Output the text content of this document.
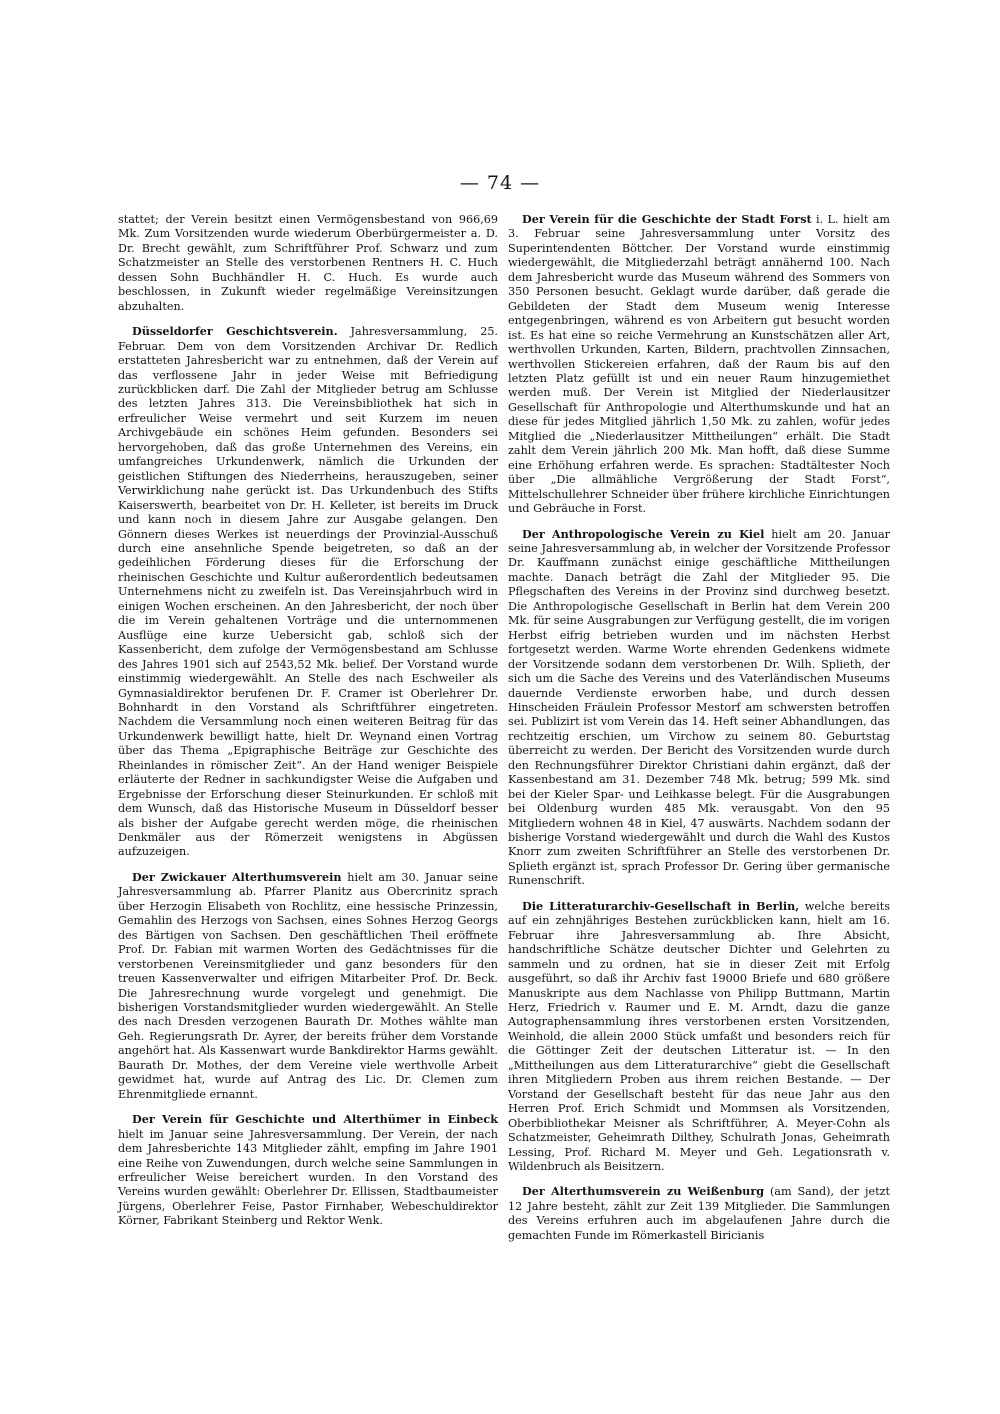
— 74 —

stattet; der Verein besitzt einen Vermögensbestand von 966,69 Mk. Zum Vorsitzenden wurde wiederum Oberbürgermeister a. D. Dr. Brecht gewählt, zum Schriftführer Prof. Schwarz und zum Schatzmeister an Stelle des verstorbenen Rentners H. C. Huch dessen Sohn Buchhändler H. C. Huch. Es wurde auch beschlossen, in Zukunft wieder regelmäßige Vereinsitzungen abzuhalten.

Düsseldorfer Geschichtsverein. Jahresversammlung, 25. Februar. Dem von dem Vorsitzenden Archivar Dr. Redlich erstatteten Jahresbericht war zu entnehmen, daß der Verein auf das verflossene Jahr in jeder Weise mit Befriedigung zurückblicken darf. Die Zahl der Mitglieder betrug am Schlusse des letzten Jahres 313. Die Vereinsbibliothek hat sich in erfreulicher Weise vermehrt und seit Kurzem im neuen Archivgebäude ein schönes Heim gefunden. Besonders sei hervorgehoben, daß das große Unternehmen des Vereins, ein umfangreiches Urkundenwerk, nämlich die Urkunden der geistlichen Stiftungen des Niederrheins, herauszugeben, seiner Verwirklichung nahe gerückt ist. Das Urkundenbuch des Stifts Kaiserswerth, bearbeitet von Dr. H. Kelleter, ist bereits im Druck und kann noch in diesem Jahre zur Ausgabe gelangen. Den Gönnern dieses Werkes ist neuerdings der Provinzial-Ausschuß durch eine ansehnliche Spende beigetreten, so daß an der gedeihlichen Förderung dieses für die Erforschung der rheinischen Geschichte und Kultur außerordentlich bedeutsamen Unternehmens nicht zu zweifeln ist. Das Vereinsjahrbuch wird in einigen Wochen erscheinen. An den Jahresbericht, der noch über die im Verein gehaltenen Vorträge und die unternommenen Ausflüge eine kurze Uebersicht gab, schloß sich der Kassenbericht, dem zufolge der Vermögensbestand am Schlusse des Jahres 1901 sich auf 2543,52 Mk. belief. Der Vorstand wurde einstimmig wiedergewählt. An Stelle des nach Eschweiler als Gymnasialdirektor berufenen Dr. F. Cramer ist Oberlehrer Dr. Bohnhardt in den Vorstand als Schriftführer eingetreten. Nachdem die Versammlung noch einen weiteren Beitrag für das Urkundenwerk bewilligt hatte, hielt Dr. Weynand einen Vortrag über das Thema „Epigraphische Beiträge zur Geschichte des Rheinlandes in römischer Zeit“. An der Hand weniger Beispiele erläuterte der Redner in sachkundigster Weise die Aufgaben und Ergebnisse der Erforschung dieser Steinurkunden. Er schloß mit dem Wunsch, daß das Historische Museum in Düsseldorf besser als bisher der Aufgabe gerecht werden möge, die rheinischen Denkmäler aus der Römerzeit wenigstens in Abgüssen aufzuzeigen.

Der Zwickauer Alterthumsverein hielt am 30. Januar seine Jahresversammlung ab. Pfarrer Planitz aus Obercrinitz sprach über Herzogin Elisabeth von Rochlitz, eine hessische Prinzessin, Gemahlin des Herzogs von Sachsen, eines Sohnes Herzog Georgs des Bärtigen von Sachsen. Den geschäftlichen Theil eröffnete Prof. Dr. Fabian mit warmen Worten des Gedächtnisses für die verstorbenen Vereinsmitglieder und ganz besonders für den treuen Kassenverwalter und eifrigen Mitarbeiter Prof. Dr. Beck. Die Jahresrechnung wurde vorgelegt und genehmigt. Die bisherigen Vorstandsmitglieder wurden wiedergewählt. An Stelle des nach Dresden verzogenen Baurath Dr. Mothes wählte man Geh. Regierungsrath Dr. Ayrer, der bereits früher dem Vorstande angehört hat. Als Kassenwart wurde Bankdirektor Harms gewählt. Baurath Dr. Mothes, der dem Vereine viele werthvolle Arbeit gewidmet hat, wurde auf Antrag des Lic. Dr. Clemen zum Ehrenmitgliede ernannt.

Der Verein für Geschichte und Alterthümer in Einbeck hielt im Januar seine Jahresversammlung. Der Verein, der nach dem Jahresberichte 143 Mitglieder zählt, empfing im Jahre 1901 eine Reihe von Zuwendungen, durch welche seine Sammlungen in erfreulicher Weise bereichert wurden. In den Vorstand des Vereins wurden gewählt: Oberlehrer Dr. Ellissen, Stadtbaumeister Jürgens, Oberlehrer Feise, Pastor Firnhaber, Webeschuldirektor Körner, Fabrikant Steinberg und Rektor Wenk.

Der Verein für die Geschichte der Stadt Forst i. L. hielt am 3. Februar seine Jahresversammlung unter Vorsitz des Superintendenten Böttcher. Der Vorstand wurde einstimmig wiedergewählt, die Mitgliederzahl beträgt annähernd 100. Nach dem Jahresbericht wurde das Museum während des Sommers von 350 Personen besucht. Geklagt wurde darüber, daß gerade die Gebildeten der Stadt dem Museum wenig Interesse entgegenbringen, während es von Arbeitern gut besucht worden ist. Es hat eine so reiche Vermehrung an Kunstschätzen aller Art, werthvollen Urkunden, Karten, Bildern, prachtvollen Zinnsachen, werthvollen Stickereien erfahren, daß der Raum bis auf den letzten Platz gefüllt ist und ein neuer Raum hinzugemiethet werden muß. Der Verein ist Mitglied der Niederlausitzer Gesellschaft für Anthropologie und Alterthumskunde und hat an diese für jedes Mitglied jährlich 1,50 Mk. zu zahlen, wofür jedes Mitglied die „Niederlausitzer Mittheilungen“ erhält. Die Stadt zahlt dem Verein jährlich 200 Mk. Man hofft, daß diese Summe eine Erhöhung erfahren werde. Es sprachen: Stadtältester Noch über „Die allmähliche Vergrößerung der Stadt Forst“, Mittelschullehrer Schneider über frühere kirchliche Einrichtungen und Gebräuche in Forst.

Der Anthropologische Verein zu Kiel hielt am 20. Januar seine Jahresversammlung ab, in welcher der Vorsitzende Professor Dr. Kauffmann zunächst einige geschäftliche Mittheilungen machte. Danach beträgt die Zahl der Mitglieder 95. Die Pflegschaften des Vereins in der Provinz sind durchweg besetzt. Die Anthropologische Gesellschaft in Berlin hat dem Verein 200 Mk. für seine Ausgrabungen zur Verfügung gestellt, die im vorigen Herbst eifrig betrieben wurden und im nächsten Herbst fortgesetzt werden. Warme Worte ehrenden Gedenkens widmete der Vorsitzende sodann dem verstorbenen Dr. Wilh. Splieth, der sich um die Sache des Vereins und des Vaterländischen Museums dauernde Verdienste erworben habe, und durch dessen Hinscheiden Fräulein Professor Mestorf am schwersten betroffen sei. Publizirt ist vom Verein das 14. Heft seiner Abhandlungen, das rechtzeitig erschien, um Virchow zu seinem 80. Geburtstag überreicht zu werden. Der Bericht des Vorsitzenden wurde durch den Rechnungsführer Direktor Christiani dahin ergänzt, daß der Kassenbestand am 31. Dezember 748 Mk. betrug; 599 Mk. sind bei der Kieler Spar- und Leihkasse belegt. Für die Ausgrabungen bei Oldenburg wurden 485 Mk. verausgabt. Von den 95 Mitgliedern wohnen 48 in Kiel, 47 auswärts. Nachdem sodann der bisherige Vorstand wiedergewählt und durch die Wahl des Kustos Knorr zum zweiten Schriftführer an Stelle des verstorbenen Dr. Splieth ergänzt ist, sprach Professor Dr. Gering über germanische Runenschrift.

Die Litteraturarchiv-Gesellschaft in Berlin, welche bereits auf ein zehnjähriges Bestehen zurückblicken kann, hielt am 16. Februar ihre Jahresversammlung ab. Ihre Absicht, handschriftliche Schätze deutscher Dichter und Gelehrten zu sammeln und zu ordnen, hat sie in dieser Zeit mit Erfolg ausgeführt, so daß ihr Archiv fast 19000 Briefe und 680 größere Manuskripte aus dem Nachlasse von Philipp Buttmann, Martin Herz, Friedrich v. Raumer und E. M. Arndt, dazu die ganze Autographensammlung ihres verstorbenen ersten Vorsitzenden, Weinhold, die allein 2000 Stück umfaßt und besonders reich für die Göttinger Zeit der deutschen Litteratur ist. — In den „Mittheilungen aus dem Litteraturarchive“ giebt die Gesellschaft ihren Mitgliedern Proben aus ihrem reichen Bestande. — Der Vorstand der Gesellschaft besteht für das neue Jahr aus den Herren Prof. Erich Schmidt und Mommsen als Vorsitzenden, Oberbibliothekar Meisner als Schriftführer, A. Meyer-Cohn als Schatzmeister, Geheimrath Dilthey, Schulrath Jonas, Geheimrath Lessing, Prof. Richard M. Meyer und Geh. Legationsrath v. Wildenbruch als Beisitzern.

Der Alterthumsverein zu Weißenburg (am Sand), der jetzt 12 Jahre besteht, zählt zur Zeit 139 Mitglieder. Die Sammlungen des Vereins erfuhren auch im abgelaufenen Jahre durch die gemachten Funde im Römerkastell Biricianis
